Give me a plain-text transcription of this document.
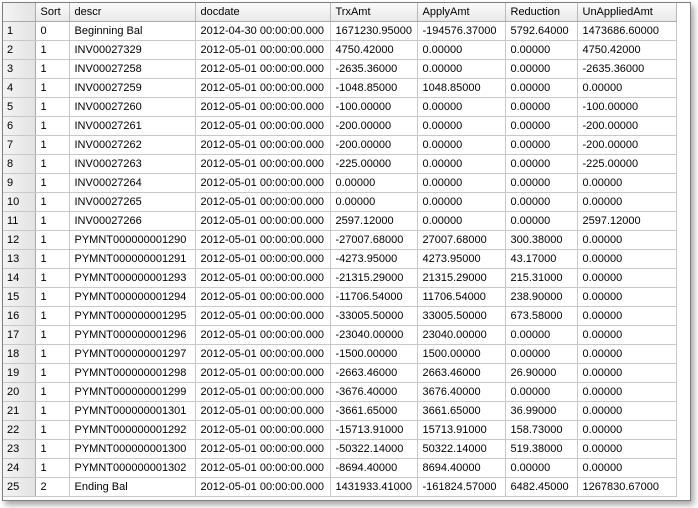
	Sort	descr	docdate	TrxAmt	ApplyAmt	Reduction	UnAppliedAmt
1	0	Beginning Bal	2012-04-30 00:00:00.000	1671230.95000	-194576.37000	5792.64000	1473686.60000
2	1	INV00027329	2012-05-01 00:00:00.000	4750.42000	0.00000	0.00000	4750.42000
3	1	INV00027258	2012-05-01 00:00:00.000	-2635.36000	0.00000	0.00000	-2635.36000
4	1	INV00027259	2012-05-01 00:00:00.000	-1048.85000	1048.85000	0.00000	0.00000
5	1	INV00027260	2012-05-01 00:00:00.000	-100.00000	0.00000	0.00000	-100.00000
6	1	INV00027261	2012-05-01 00:00:00.000	-200.00000	0.00000	0.00000	-200.00000
7	1	INV00027262	2012-05-01 00:00:00.000	-200.00000	0.00000	0.00000	-200.00000
8	1	INV00027263	2012-05-01 00:00:00.000	-225.00000	0.00000	0.00000	-225.00000
9	1	INV00027264	2012-05-01 00:00:00.000	0.00000	0.00000	0.00000	0.00000
10	1	INV00027265	2012-05-01 00:00:00.000	0.00000	0.00000	0.00000	0.00000
11	1	INV00027266	2012-05-01 00:00:00.000	2597.12000	0.00000	0.00000	2597.12000
12	1	PYMNT000000001290	2012-05-01 00:00:00.000	-27007.68000	27007.68000	300.38000	0.00000
13	1	PYMNT000000001291	2012-05-01 00:00:00.000	-4273.95000	4273.95000	43.17000	0.00000
14	1	PYMNT000000001293	2012-05-01 00:00:00.000	-21315.29000	21315.29000	215.31000	0.00000
15	1	PYMNT000000001294	2012-05-01 00:00:00.000	-11706.54000	11706.54000	238.90000	0.00000
16	1	PYMNT000000001295	2012-05-01 00:00:00.000	-33005.50000	33005.50000	673.58000	0.00000
17	1	PYMNT000000001296	2012-05-01 00:00:00.000	-23040.00000	23040.00000	0.00000	0.00000
18	1	PYMNT000000001297	2012-05-01 00:00:00.000	-1500.00000	1500.00000	0.00000	0.00000
19	1	PYMNT000000001298	2012-05-01 00:00:00.000	-2663.46000	2663.46000	26.90000	0.00000
20	1	PYMNT000000001299	2012-05-01 00:00:00.000	-3676.40000	3676.40000	0.00000	0.00000
21	1	PYMNT000000001301	2012-05-01 00:00:00.000	-3661.65000	3661.65000	36.99000	0.00000
22	1	PYMNT000000001292	2012-05-01 00:00:00.000	-15713.91000	15713.91000	158.73000	0.00000
23	1	PYMNT000000001300	2012-05-01 00:00:00.000	-50322.14000	50322.14000	519.38000	0.00000
24	1	PYMNT000000001302	2012-05-01 00:00:00.000	-8694.40000	8694.40000	0.00000	0.00000
25	2	Ending Bal	2012-05-01 00:00:00.000	1431933.41000	-161824.57000	6482.45000	1267830.67000
